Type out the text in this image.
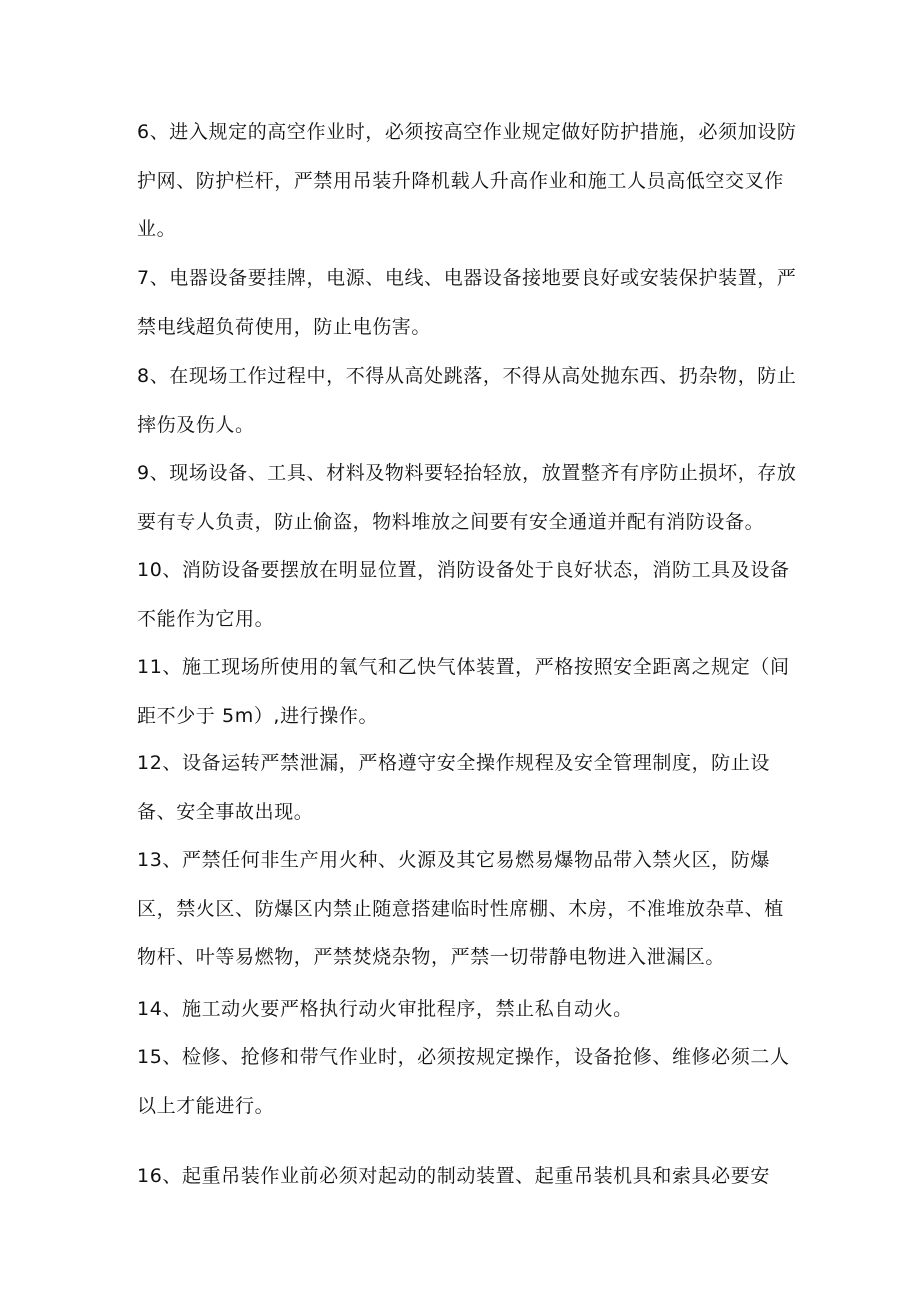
6、进入规定的高空作业时，必须按高空作业规定做好防护措施，必须加设防护网、防护栏杆，严禁用吊装升降机载人升高作业和施工人员高低空交叉作业。

7、电器设备要挂牌，电源、电线、电器设备接地要良好或安装保护装置，严禁电线超负荷使用，防止电伤害。

8、在现场工作过程中，不得从高处跳落，不得从高处抛东西、扔杂物，防止摔伤及伤人。

9、现场设备、工具、材料及物料要轻抬轻放，放置整齐有序防止损坏，存放要有专人负责，防止偷盗，物料堆放之间要有安全通道并配有消防设备。

10、消防设备要摆放在明显位置，消防设备处于良好状态，消防工具及设备不能作为它用。

11、施工现场所使用的氧气和乙快气体装置，严格按照安全距离之规定（间距不少于 5m）,进行操作。

12、设备运转严禁泄漏，严格遵守安全操作规程及安全管理制度，防止设备、安全事故出现。

13、严禁任何非生产用火种、火源及其它易燃易爆物品带入禁火区，防爆区，禁火区、防爆区内禁止随意搭建临时性席棚、木房，不准堆放杂草、植物杆、叶等易燃物，严禁焚烧杂物，严禁一切带静电物进入泄漏区。

14、施工动火要严格执行动火审批程序，禁止私自动火。

15、检修、抢修和带气作业时，必须按规定操作，设备抢修、维修必须二人以上才能进行。

16、起重吊装作业前必须对起动的制动装置、起重吊装机具和索具必要安
